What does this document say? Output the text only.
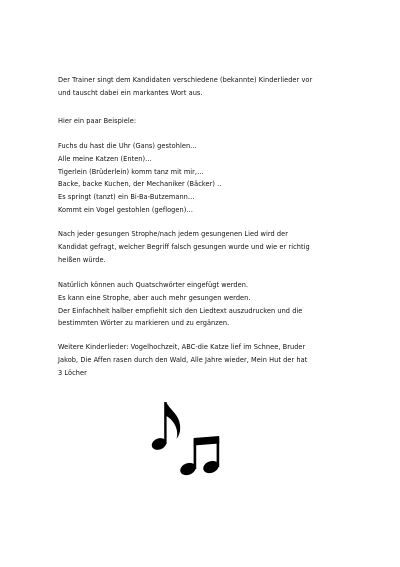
Der Trainer singt dem Kandidaten verschiedene (bekannte) Kinderlieder vor
und tauscht dabei ein markantes Wort aus.
Hier ein paar Beispiele:
Fuchs du hast die Uhr (Gans) gestohlen…
Alle meine Katzen (Enten)…
Tigerlein (Brüderlein) komm tanz mit mir,…
Backe, backe Kuchen, der Mechaniker (Bäcker) ..
Es springt (tanzt) ein Bi-Ba-Butzemann…
Kommt ein Vogel gestohlen (geflogen)…
Nach jeder gesungen Strophe/nach jedem gesungenen Lied wird der
Kandidat gefragt, welcher Begriff falsch gesungen wurde und wie er richtig
heißen würde.
Natürlich können auch Quatschwörter eingefügt werden.
Es kann eine Strophe, aber auch mehr gesungen werden.
Der Einfachheit halber empfiehlt sich den Liedtext auszudrucken und die
bestimmten Wörter zu markieren und zu ergänzen.
Weitere Kinderlieder: Vogelhochzeit, ABC-die Katze lief im Schnee, Bruder
Jakob, Die Affen rasen durch den Wald, Alle Jahre wieder, Mein Hut der hat
3 Löcher
